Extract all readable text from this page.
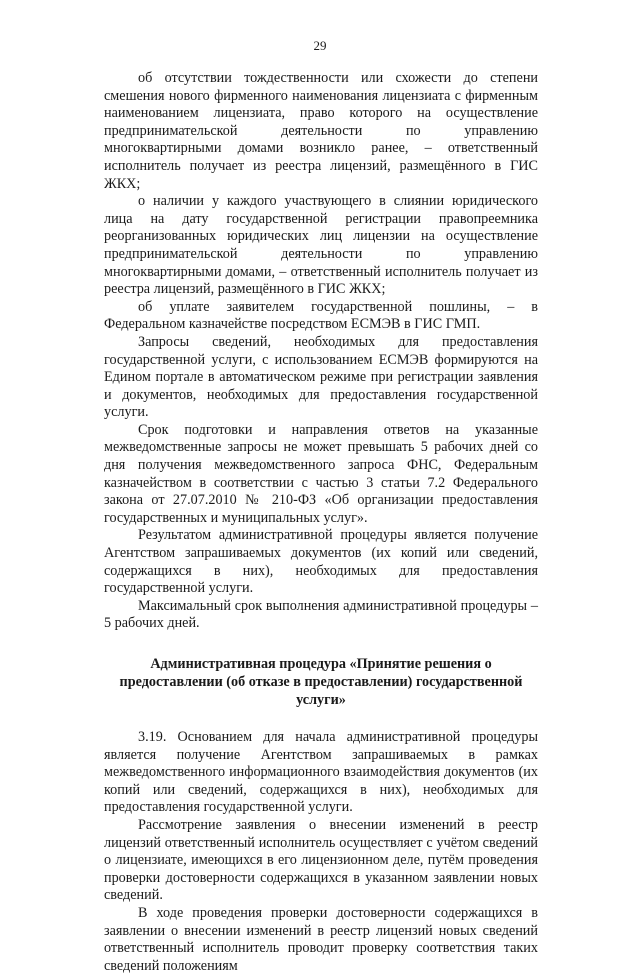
29

об отсутствии тождественности или схожести до степени смешения нового фирменного наименования лицензиата с фирменным наименованием лицензиата, право которого на осуществление предпринимательской деятельности по управлению многоквартирными домами возникло ранее, – ответственный исполнитель получает из реестра лицензий, размещённого в ГИС ЖКХ;

о наличии у каждого участвующего в слиянии юридического лица на дату государственной регистрации правопреемника реорганизованных юридических лиц лицензии на осуществление предпринимательской деятельности по управлению многоквартирными домами, – ответственный исполнитель получает из реестра лицензий, размещённого в ГИС ЖКХ;

об уплате заявителем государственной пошлины, – в Федеральном казначействе посредством ЕСМЭВ в ГИС ГМП.

Запросы сведений, необходимых для предоставления государственной услуги, с использованием ЕСМЭВ формируются на Едином портале в автоматическом режиме при регистрации заявления и документов, необходимых для предоставления государственной услуги.

Срок подготовки и направления ответов на указанные межведомственные запросы не может превышать 5 рабочих дней со дня получения межведомственного запроса ФНС, Федеральным казначейством в соответствии с частью 3 статьи 7.2 Федерального закона от 27.07.2010 № 210-ФЗ «Об организации предоставления государственных и муниципальных услуг».

Результатом административной процедуры является получение Агентством запрашиваемых документов (их копий или сведений, содержащихся в них), необходимых для предоставления государственной услуги.

Максимальный срок выполнения административной процедуры – 5 рабочих дней.

Административная процедура «Принятие решения о предоставлении (об отказе в предоставлении) государственной услуги»

3.19. Основанием для начала административной процедуры является получение Агентством запрашиваемых в рамках межведомственного информационного взаимодействия документов (их копий или сведений, содержащихся в них), необходимых для предоставления государственной услуги.

Рассмотрение заявления о внесении изменений в реестр лицензий ответственный исполнитель осуществляет с учётом сведений о лицензиате, имеющихся в его лицензионном деле, путём проведения проверки достоверности содержащихся в указанном заявлении новых сведений.

В ходе проведения проверки достоверности содержащихся в заявлении о внесении изменений в реестр лицензий новых сведений ответственный исполнитель проводит проверку соответствия таких сведений положениям
